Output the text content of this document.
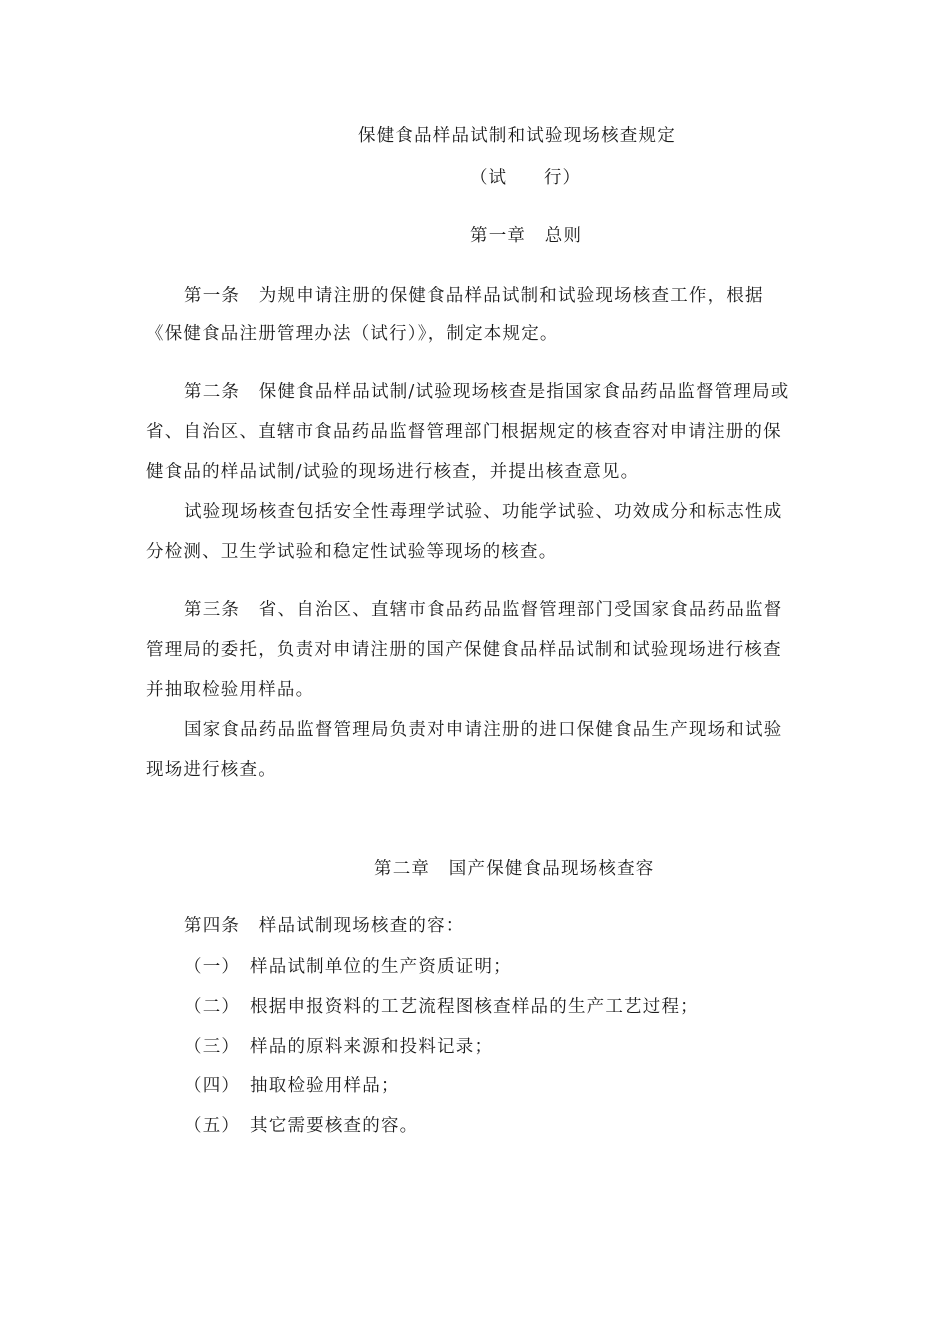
保健食品样品试制和试验现场核查规定
（试　　行）
第一章　总则
第一条　为规申请注册的保健食品样品试制和试验现场核查工作，根据
《保健食品注册管理办法（试行）》，制定本规定。
第二条　保健食品样品试制/试验现场核查是指国家食品药品监督管理局或
省、自治区、直辖市食品药品监督管理部门根据规定的核查容对申请注册的保
健食品的样品试制/试验的现场进行核查，并提出核查意见。
试验现场核查包括安全性毒理学试验、功能学试验、功效成分和标志性成
分检测、卫生学试验和稳定性试验等现场的核查。
第三条　省、自治区、直辖市食品药品监督管理部门受国家食品药品监督
管理局的委托，负责对申请注册的国产保健食品样品试制和试验现场进行核查
并抽取检验用样品。
国家食品药品监督管理局负责对申请注册的进口保健食品生产现场和试验
现场进行核查。
第二章　国产保健食品现场核查容
第四条　样品试制现场核查的容：
（一）　样品试制单位的生产资质证明；
（二）　根据申报资料的工艺流程图核查样品的生产工艺过程；
（三）　样品的原料来源和投料记录；
（四）　抽取检验用样品；
（五）　其它需要核查的容。
